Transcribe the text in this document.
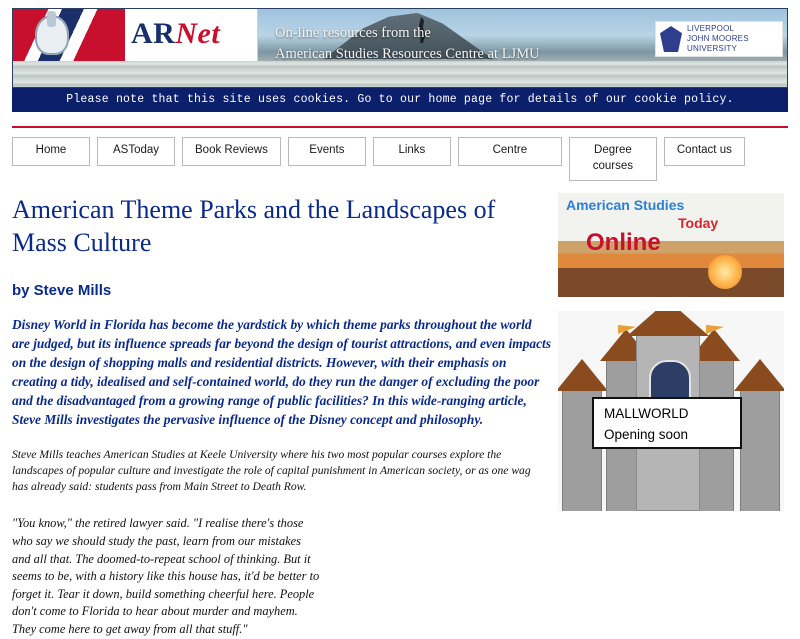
ARNet	On-line resources from the
American Studies Resources Centre at LJMU
LIVERPOOL
JOHN MOORES
UNIVERSITY
Please note that this site uses cookies. Go to our home page for details of our cookie policy.
Home	ASToday	Book Reviews	Events	Links	Centre	Degree courses
Contact us
American Theme Parks and the Landscapes of Mass Culture
by Steve Mills

Disney World in Florida has become the yardstick by which theme parks throughout the world are judged, but its influence spreads far beyond the design of tourist attractions, and even impacts on the design of shopping malls and residential districts. However, with their emphasis on creating a tidy, idealised and self-contained world, do they run the danger of excluding the poor and the disadvantaged from a growing range of public facilities? In this wide-ranging article, Steve Mills investigates the pervasive influence of the Disney concept and philosophy.

Steve Mills teaches American Studies at Keele University where his two most popular courses explore the landscapes of popular culture and investigate the role of capital punishment in American society, or as one wag has already said: students pass from Main Street to Death Row.

"You know," the retired lawyer said. "I realise there's those who say we should study the past, learn from our mistakes and all that. The doomed-to-repeat school of thinking. But it seems to be, with a history like this house has, it'd be better to forget it. Tear it down, build something cheerful here. People don't come to Florida to hear about murder and mayhem. They come here to get away from all that stuff."

American Studies
Today
Online
MALLWORLD
Opening soon
